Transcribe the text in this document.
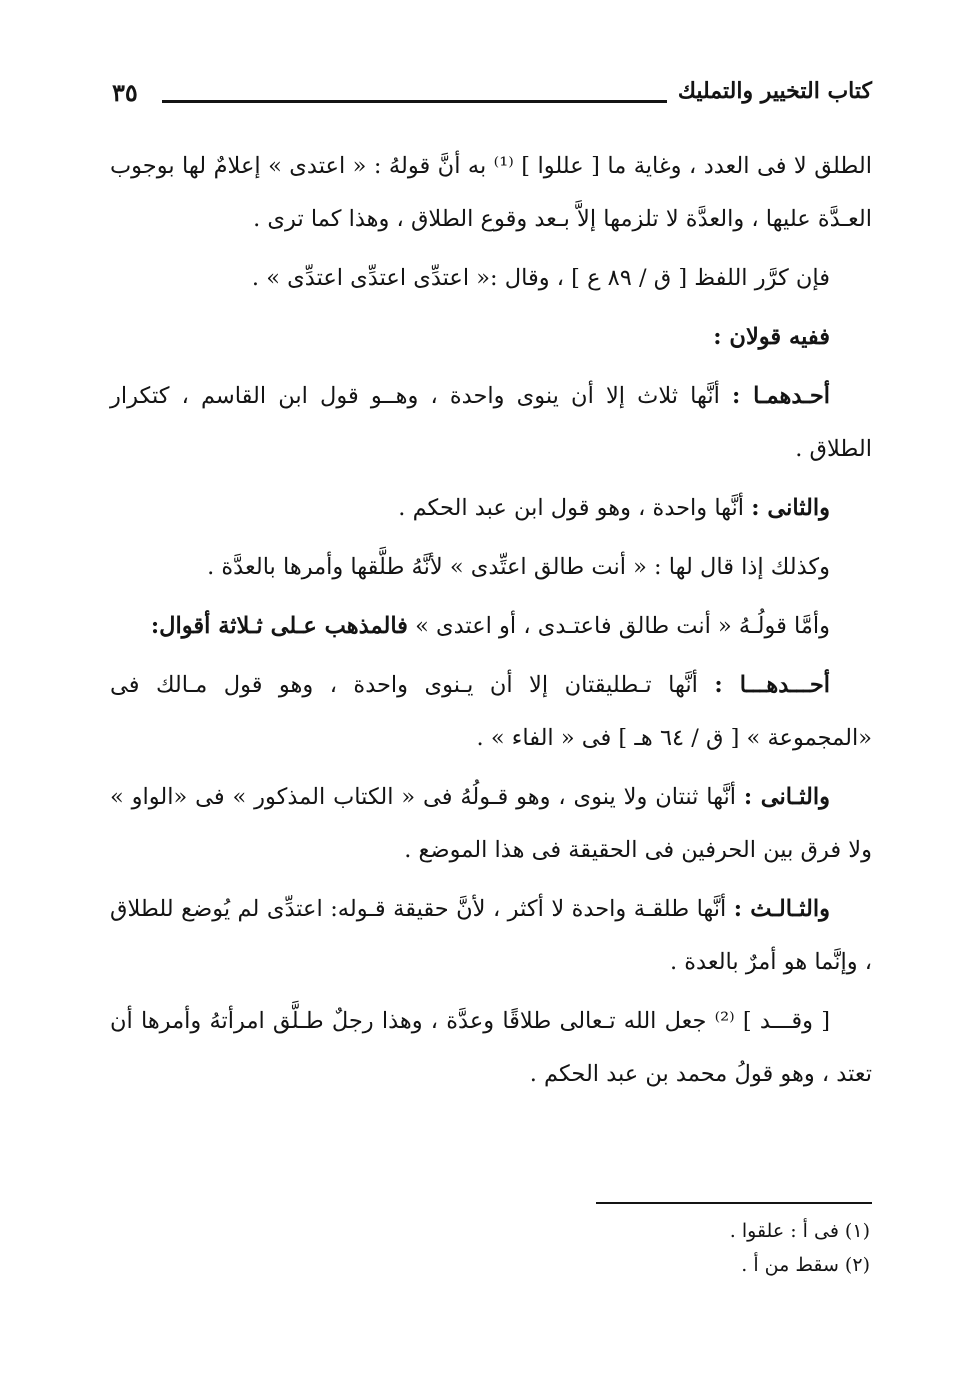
كتاب التخيير والتمليك
٣٥

الطلق لا فى العدد ، وغاية ما [ عللوا ] ⁽¹⁾ به أنَّ قولهُ : « اعتدى » إعلامٌ لها بوجوب العـدَّة عليها ، والعدَّة لا تلزمها إلاَّ بـعد وقوع الطلاق ، وهذا كما ترى .

فإن كرَّر اللفظ [ ق / ٨٩ ع ] ، وقال :« اعتدِّى اعتدِّى اعتدِّى » .

ففيه قولان :

أحـدهمـا : أنَّها ثلاث إلا أن ينوى واحدة ، وهــو قول ابن القاسم ، كتكرار الطلاق .

والثانى : أنَّها واحدة ، وهو قول ابن عبد الحكم .

وكذلك إذا قال لها : « أنت طالق اعتِّدى » لأنَّهُ طلَّقها وأمرها بالعدَّة .

وأمَّا قولُـهُ « أنت طالق فاعتـدى ، أو اعتدى » فالمذهب عـلى ثـلاثة أقوال:

أحـــدهـــا : أنَّها تـطليقتان إلا أن يـنوى واحدة ، وهو قول مـالك فى «المجموعة » [ ق / ٦٤ هـ ] فى « الفاء » .

والثـانى : أنَّها ثنتان ولا ينوى ، وهو قـولُهُ فى « الكتاب المذكور » فى «الواو » ولا فرق بين الحرفين فى الحقيقة فى هذا الموضع .

والثـالـث : أنَّها طلقـة واحدة لا أكثر ، لأنَّ حقيقة قـوله: اعتدِّى لم يُوضع للطلاق ، وإنَّما هو أمرٌ بالعدة .

[ وقـــد ] ⁽²⁾ جعل الله تـعالى طلاقًا وعدَّة ، وهذا رجلٌ طـلَّق امرأتهُ وأمرها أن تعتد ، وهو قولُ محمد بن عبد الحكم .

(١) فى أ : علقوا .

(٢) سقط من أ .
